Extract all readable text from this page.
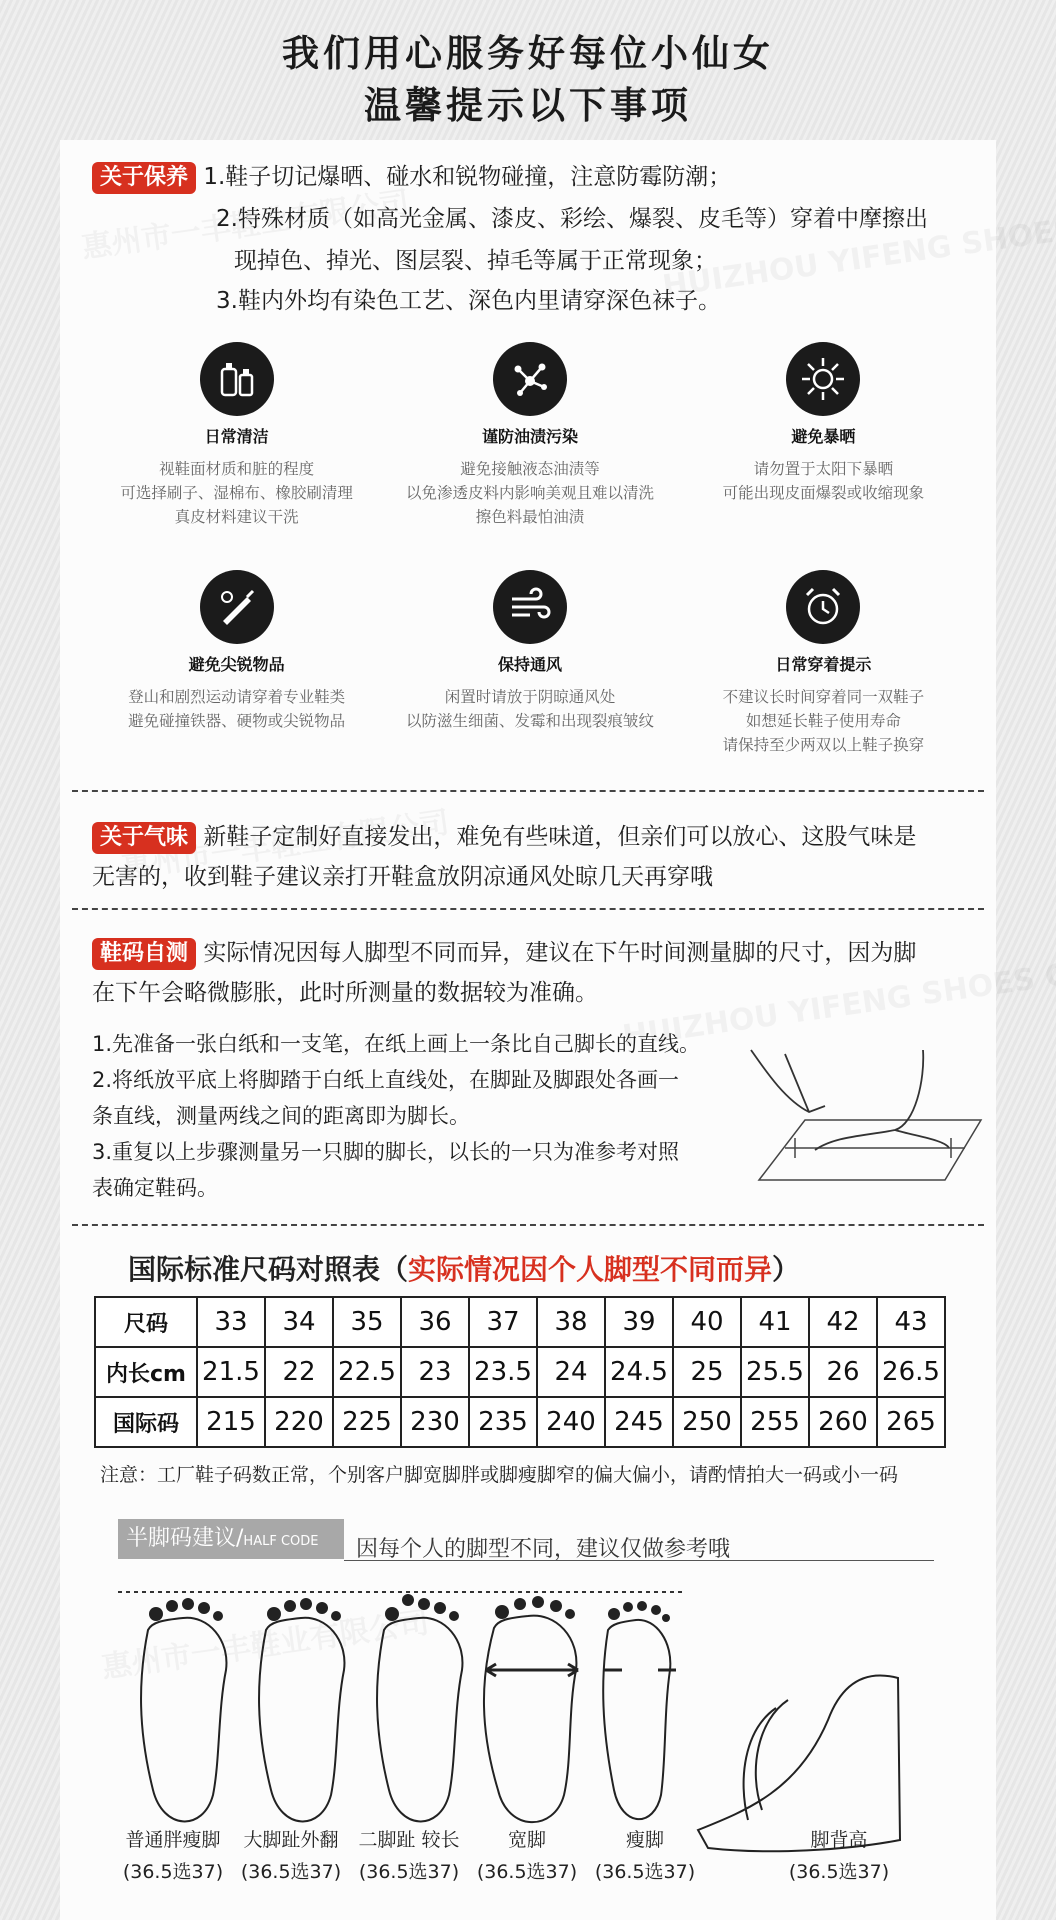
我们用心服务好每位小仙女
温馨提示以下事项
关于保养 1.鞋子切记爆晒、碰水和锐物碰撞，注意防霉防潮；
2.特殊材质（如高光金属、漆皮、彩绘、爆裂、皮毛等）穿着中摩擦出
现掉色、掉光、图层裂、掉毛等属于正常现象；
3.鞋内外均有染色工艺、深色内里请穿深色袜子。
日常清洁
视鞋面材质和脏的程度
可选择刷子、湿棉布、橡胶刷清理
真皮材料建议干洗
谨防油渍污染
避免接触液态油渍等
以免渗透皮料内影响美观且难以清洗
擦色料最怕油渍
避免暴晒
请勿置于太阳下暴晒
可能出现皮面爆裂或收缩现象
避免尖锐物品
登山和剧烈运动请穿着专业鞋类
避免碰撞铁器、硬物或尖锐物品
保持通风
闲置时请放于阴晾通风处
以防滋生细菌、发霉和出现裂痕皱纹
日常穿着提示
不建议长时间穿着同一双鞋子
如想延长鞋子使用寿命
请保持至少两双以上鞋子换穿
关于气味 新鞋子定制好直接发出，难免有些味道，但亲们可以放心、这股气味是
无害的，收到鞋子建议亲打开鞋盒放阴凉通风处晾几天再穿哦
鞋码自测 实际情况因每人脚型不同而异，建议在下午时间测量脚的尺寸，因为脚
在下午会略微膨胀，此时所测量的数据较为准确。
1.先准备一张白纸和一支笔，在纸上画上一条比自己脚长的直线。
2.将纸放平底上将脚踏于白纸上直线处，在脚趾及脚跟处各画一
条直线，测量两线之间的距离即为脚长。
3.重复以上步骤测量另一只脚的脚长，以长的一只为准参考对照
表确定鞋码。
国际标准尺码对照表（实际情况因个人脚型不同而异）
尺码	33	34	35	36	37	38	39	40	41	42	43
内长cm	21.5	22	22.5	23	23.5	24	24.5	25	25.5	26	26.5
国际码	215	220	225	230	235	240	245	250	255	260	265
注意：工厂鞋子码数正常，个别客户脚宽脚胖或脚瘦脚窄的偏大偏小，请酌情拍大一码或小一码
半脚码建议/HALF CODE	因每个人的脚型不同，建议仅做参考哦
普通胖瘦脚
(36.5选37)
大脚趾外翻
(36.5选37)
二脚趾 较长
(36.5选37)
宽脚
(36.5选37)
瘦脚
(36.5选37)
脚背高
(36.5选37)
